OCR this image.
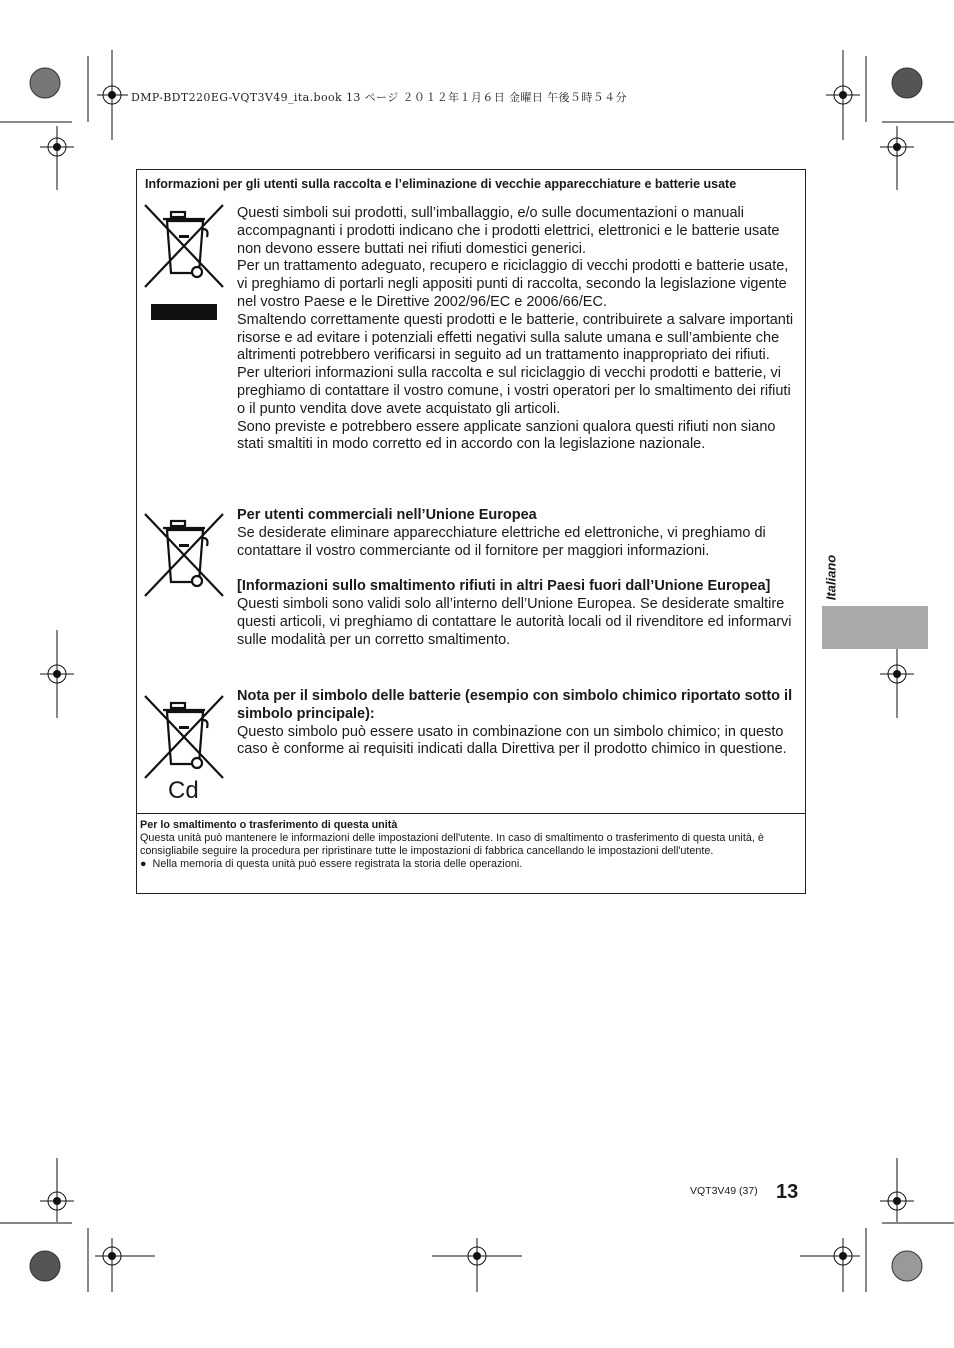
DMP-BDT220EG-VQT3V49_ita.book 13 ページ ２０１２年１月６日 金曜日 午後５時５４分
Informazioni per gli utenti sulla raccolta e l’eliminazione di vecchie apparecchiature e batterie usate

Questi simboli sui prodotti, sull’imballaggio, e/o sulle documentazioni o manuali accompagnanti i prodotti indicano che i prodotti elettrici, elettronici e le batterie usate non devono essere buttati nei rifiuti domestici generici.

Per un trattamento adeguato, recupero e riciclaggio di vecchi prodotti e batterie usate, vi preghiamo di portarli negli appositi punti di raccolta, secondo la legislazione vigente nel vostro Paese e le Direttive 2002/96/EC e 2006/66/EC.

Smaltendo correttamente questi prodotti e le batterie, contribuirete a salvare importanti risorse e ad evitare i potenziali effetti negativi sulla salute umana e sull’ambiente che altrimenti potrebbero verificarsi in seguito ad un trattamento inappropriato dei rifiuti.

Per ulteriori informazioni sulla raccolta e sul riciclaggio di vecchi prodotti e batterie, vi preghiamo di contattare il vostro comune, i vostri operatori per lo smaltimento dei rifiuti o il punto vendita dove avete acquistato gli articoli.

Sono previste e potrebbero essere applicate sanzioni qualora questi rifiuti non siano stati smaltiti in modo corretto ed in accordo con la legislazione nazionale.

Per utenti commerciali nell’Unione Europea

Se desiderate eliminare apparecchiature elettriche ed elettroniche, vi preghiamo di contattare il vostro commerciante od il fornitore per maggiori informazioni.

[Informazioni sullo smaltimento rifiuti in altri Paesi fuori dall’Unione Europea]

Questi simboli sono validi solo all’interno dell’Unione Europea. Se desiderate smaltire questi articoli, vi preghiamo di contattare le autorità locali od il rivenditore ed informarvi sulle modalità per un corretto smaltimento.

Cd

Nota per il simbolo delle batterie (esempio con simbolo chimico riportato sotto il simbolo principale):

Questo simbolo può essere usato in combinazione con un simbolo chimico; in questo caso è conforme ai requisiti indicati dalla Direttiva per il prodotto chimico in questione.

Per lo smaltimento o trasferimento di questa unità

Questa unità può mantenere le informazioni delle impostazioni dell'utente. In caso di smaltimento o trasferimento di questa unità, è consigliabile seguire la procedura per ripristinare tutte le impostazioni di fabbrica cancellando le impostazioni dell'utente.

●  Nella memoria di questa unità può essere registrata la storia delle operazioni.

Italiano
VQT3V49 (37) 13
